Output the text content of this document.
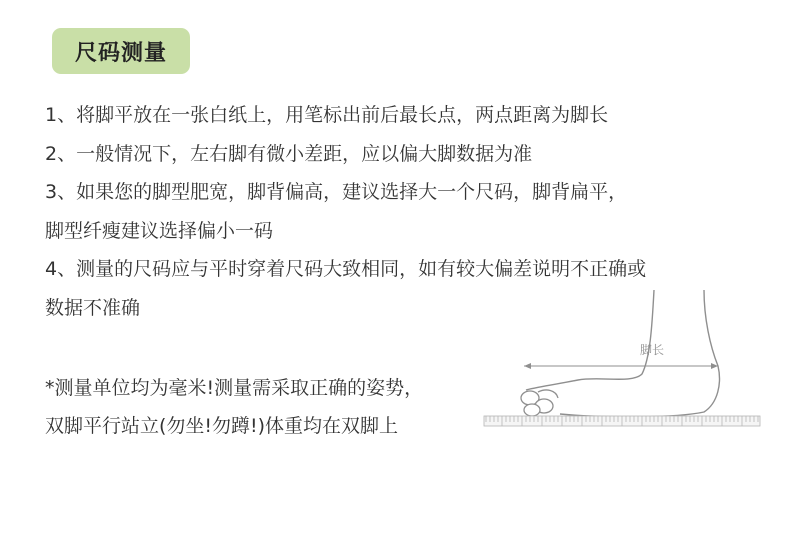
尺码测量
1、将脚平放在一张白纸上，用笔标出前后最长点，两点距离为脚长
2、一般情况下，左右脚有微小差距，应以偏大脚数据为准
3、如果您的脚型肥宽，脚背偏高，建议选择大一个尺码，脚背扁平，
脚型纤瘦建议选择偏小一码
4、测量的尺码应与平时穿着尺码大致相同，如有较大偏差说明不正确或
数据不准确
*测量单位均为毫米!测量需采取正确的姿势，
双脚平行站立(勿坐!勿蹲!)体重均在双脚上
脚长
